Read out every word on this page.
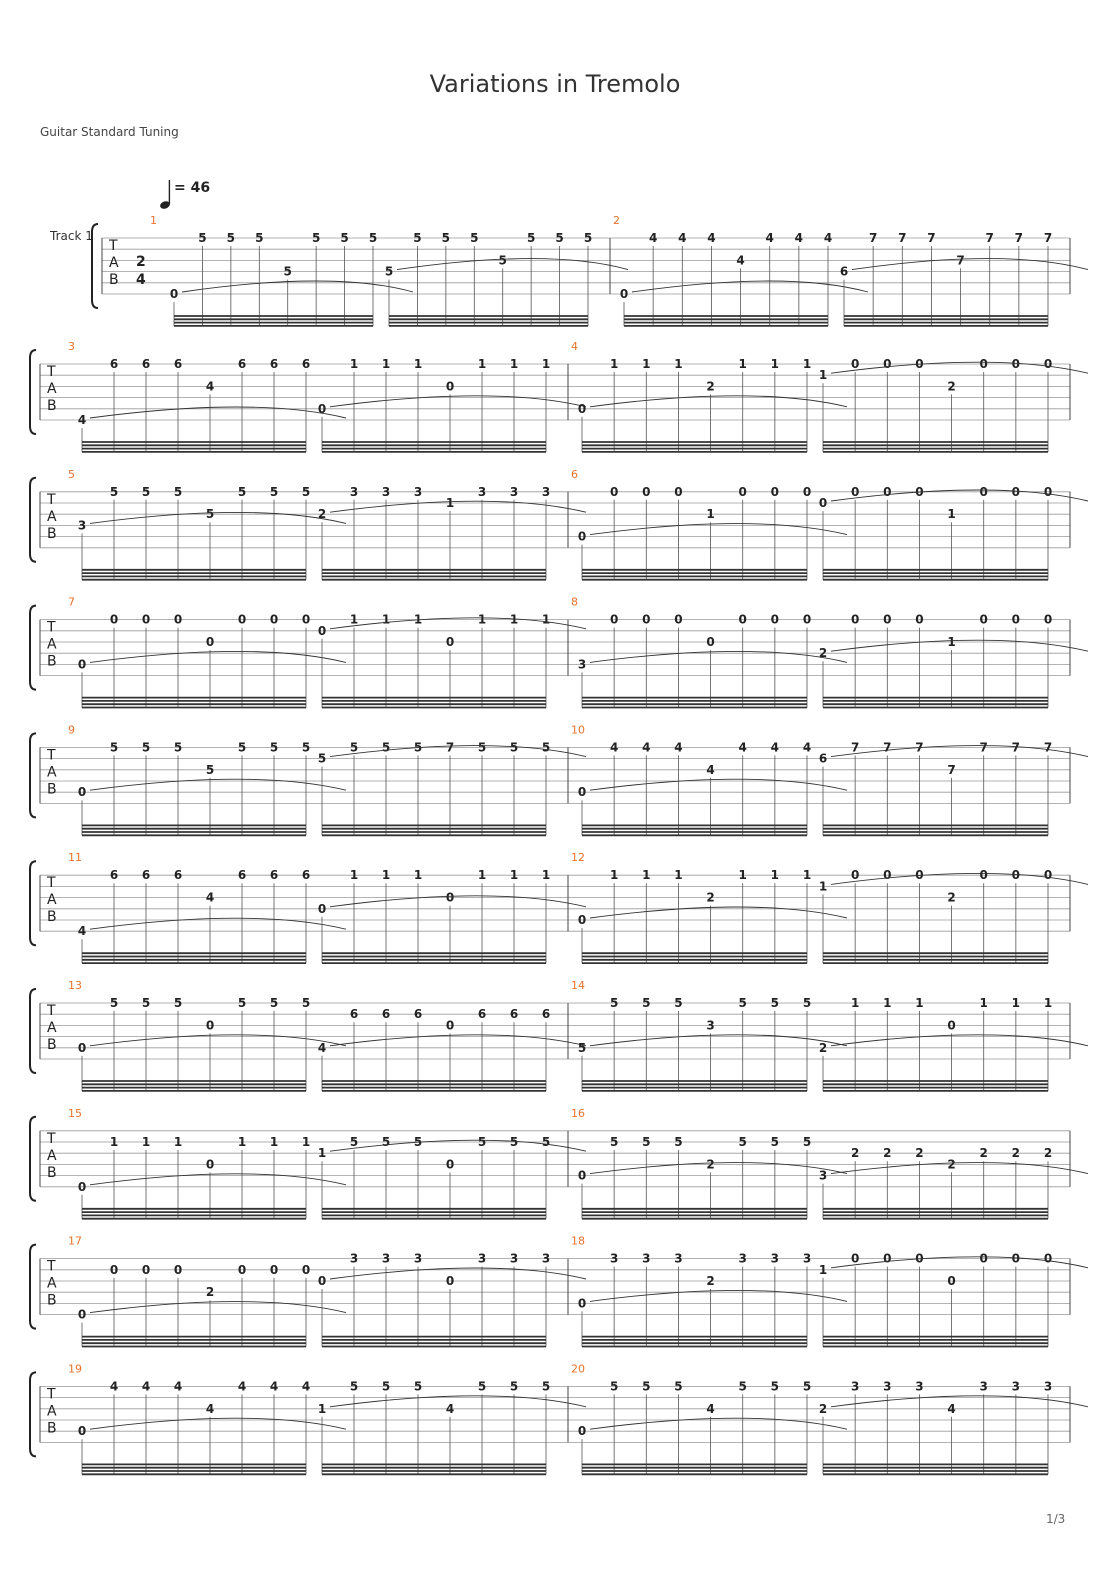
Variations in Tremolo
Guitar Standard Tuning
= 46
Track 1
1/3
T
A
B
2
4
1
0
5 5 5
5
5 5 5
5
5 5 5
5
5 5 5
2
0
4 4 4
4
4 4 4
6
7 7 7
7
7 7 7
T
A
B
3
4
6 6 6
4
6 6 6
0
1 1 1
0
1 1 1
4
0
1 1 1
2
1 1 1
1
0 0 0
2
0 0 0
T
A
B
5
3
5 5 5
5
5 5 5
2
3 3 3
1
3 3 3
6
0
0 0 0
1
0 0 0
0
0 0 0
1
0 0 0
T
A
B
7
0
0 0 0
0
0 0 0
0
1 1 1
0
1 1 1
8
3
0 0 0
0
0 0 0
2
0 0 0
1
0 0 0
T
A
B
9
0
5 5 5
5
5 5 5
5
5 5 5 7 5 5 5
10
0
4 4 4
4
4 4 4
6
7 7 7
7
7 7 7
T
A
B
11
4
6 6 6
4
6 6 6
0
1 1 1
0
1 1 1
12
0
1 1 1
2
1 1 1
1
0 0 0
2
0 0 0
T
A
B
13
0
5 5 5
0
5 5 5
4
6 6 6
0
6 6 6
14
5
5 5 5
3
5 5 5
2
1 1 1
0
1 1 1
T
A
B
15
0
1 1 1
0
1 1 1
1
5 5 5
0
5 5 5
16
0
5 5 5
2
5 5 5
3
2 2 2
2
2 2 2
T
A
B
17
0
0 0 0
2
0 0 0
0
3 3 3
0
3 3 3
18
0
3 3 3
2
3 3 3
1
0 0 0
0
0 0 0
T
A
B
19
0
4 4 4
4
4 4 4
1
5 5 5
4
5 5 5
20
0
5 5 5
4
5 5 5
2
3 3 3
4
3 3 3
